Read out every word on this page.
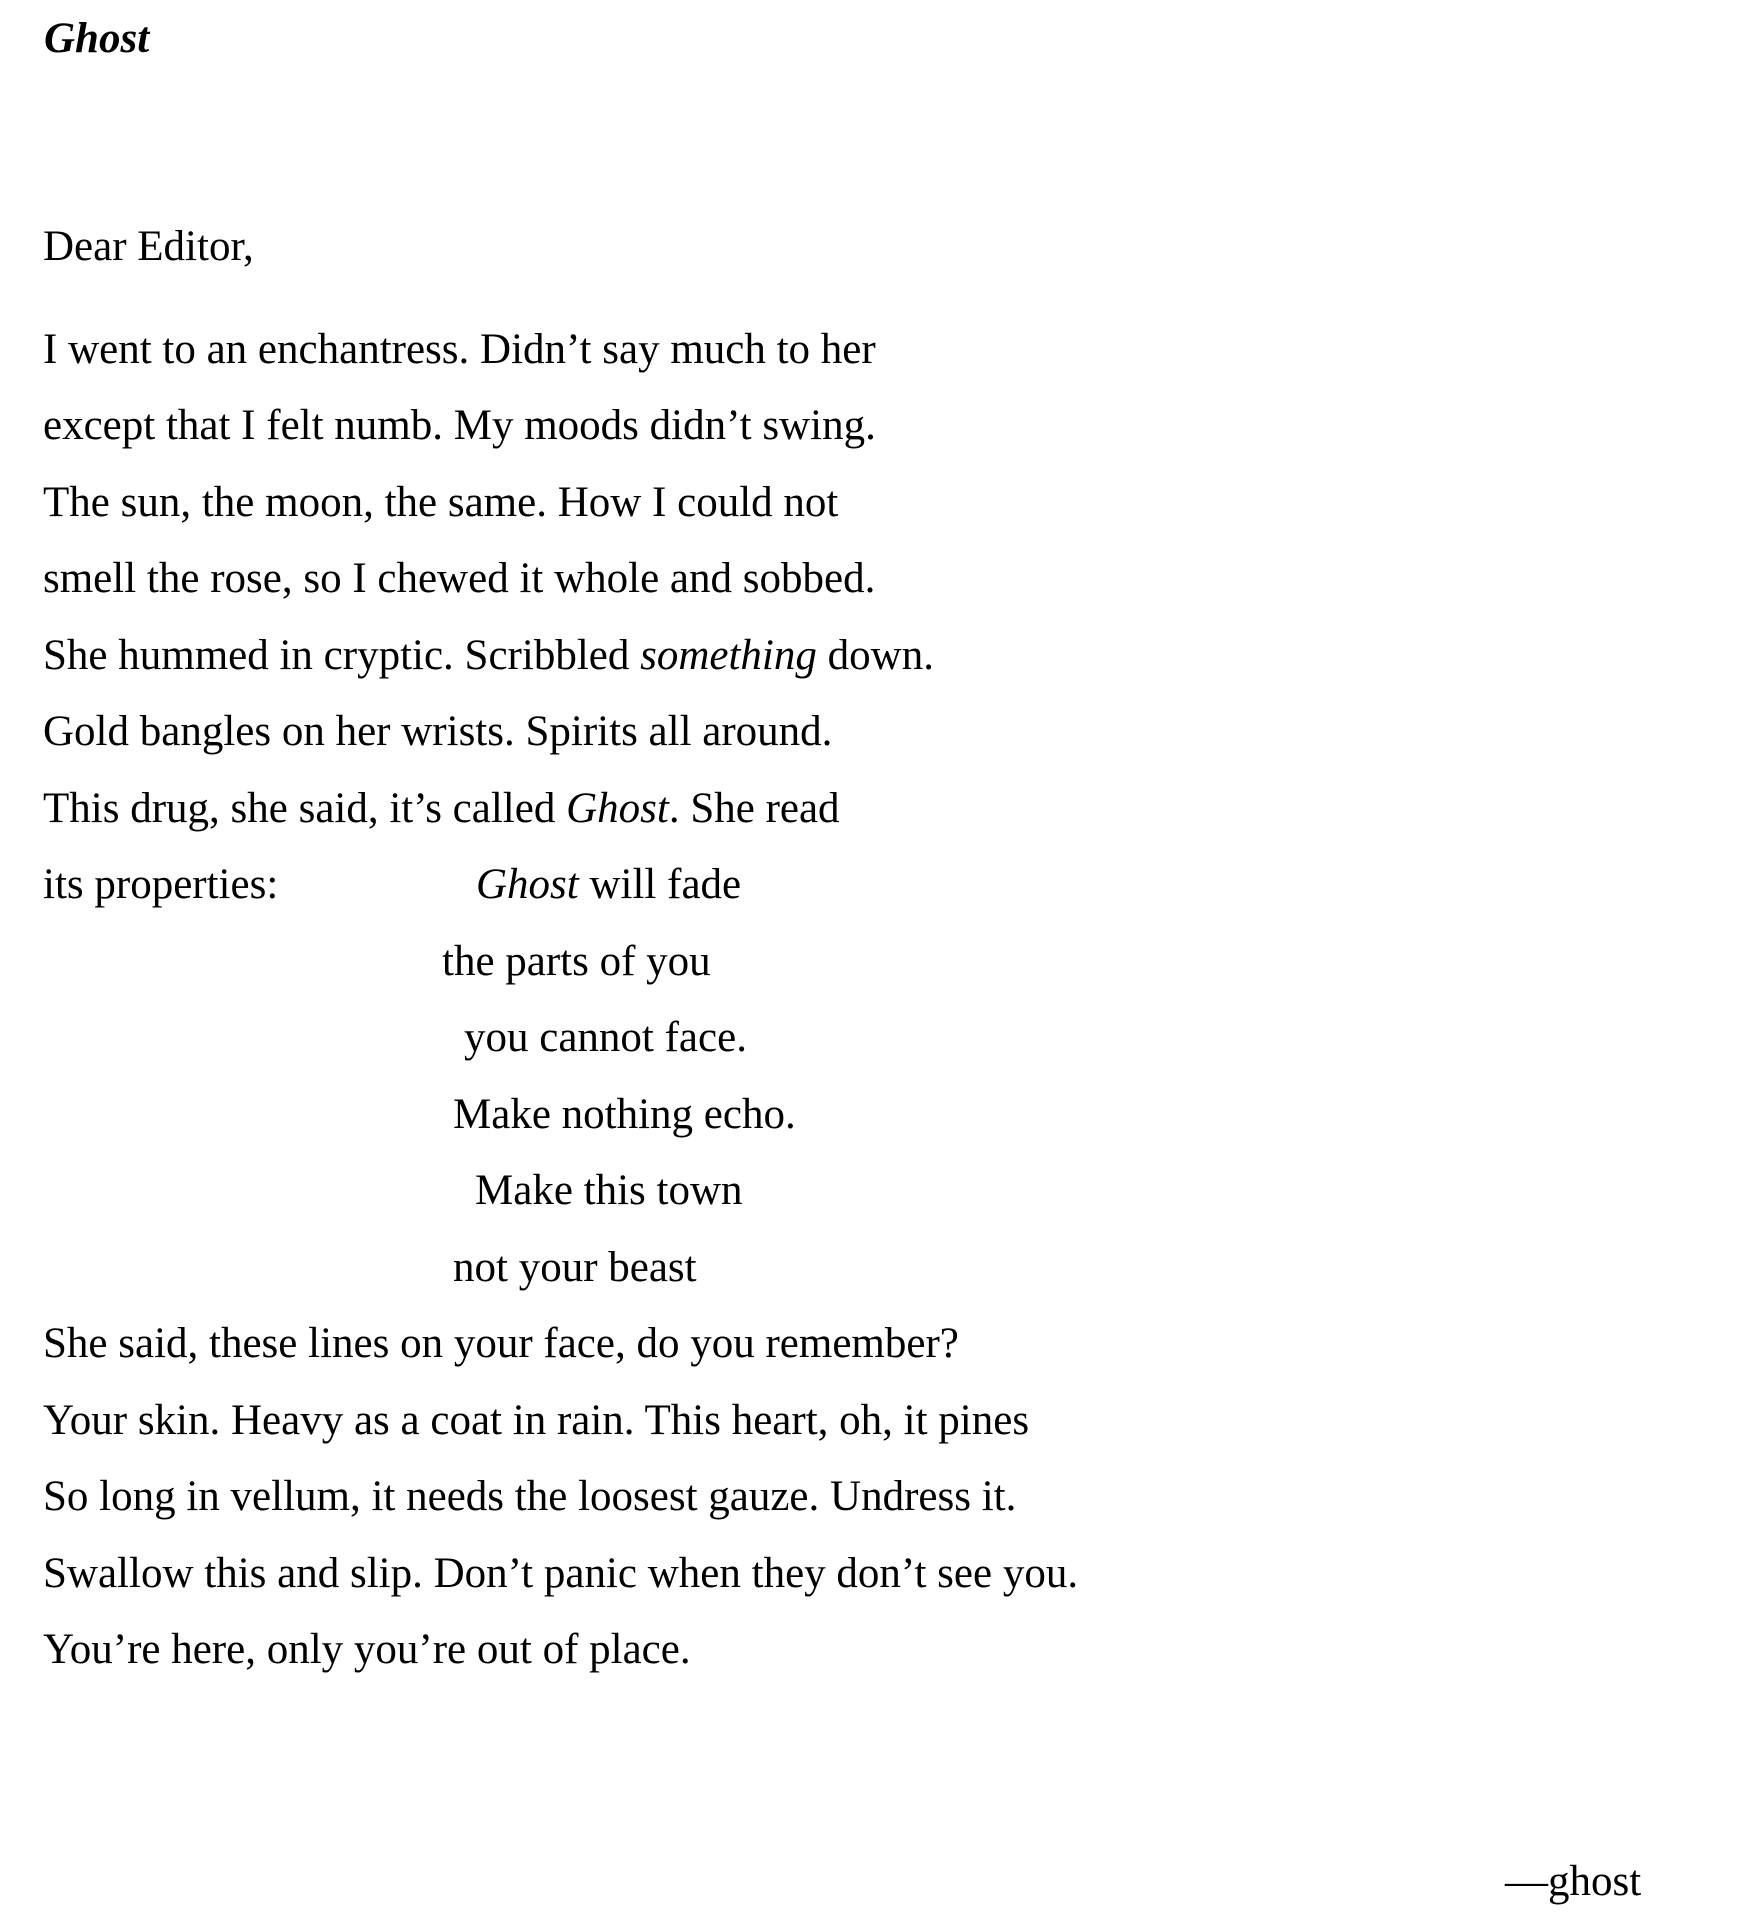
Ghost
Dear Editor,
I went to an enchantress. Didn’t say much to her
except that I felt numb. My moods didn’t swing.
The sun, the moon, the same. How I could not
smell the rose, so I chewed it whole and sobbed.
She hummed in cryptic. Scribbled something down.
Gold bangles on her wrists. Spirits all around.
This drug, she said, it’s called Ghost. She read
its properties:	Ghost will fade
the parts of you
you cannot face.
Make nothing echo.
Make this town
not your beast
She said, these lines on your face, do you remember?
Your skin. Heavy as a coat in rain. This heart, oh, it pines
So long in vellum, it needs the loosest gauze. Undress it.
Swallow this and slip. Don’t panic when they don’t see you.
You’re here, only you’re out of place.
—ghost
